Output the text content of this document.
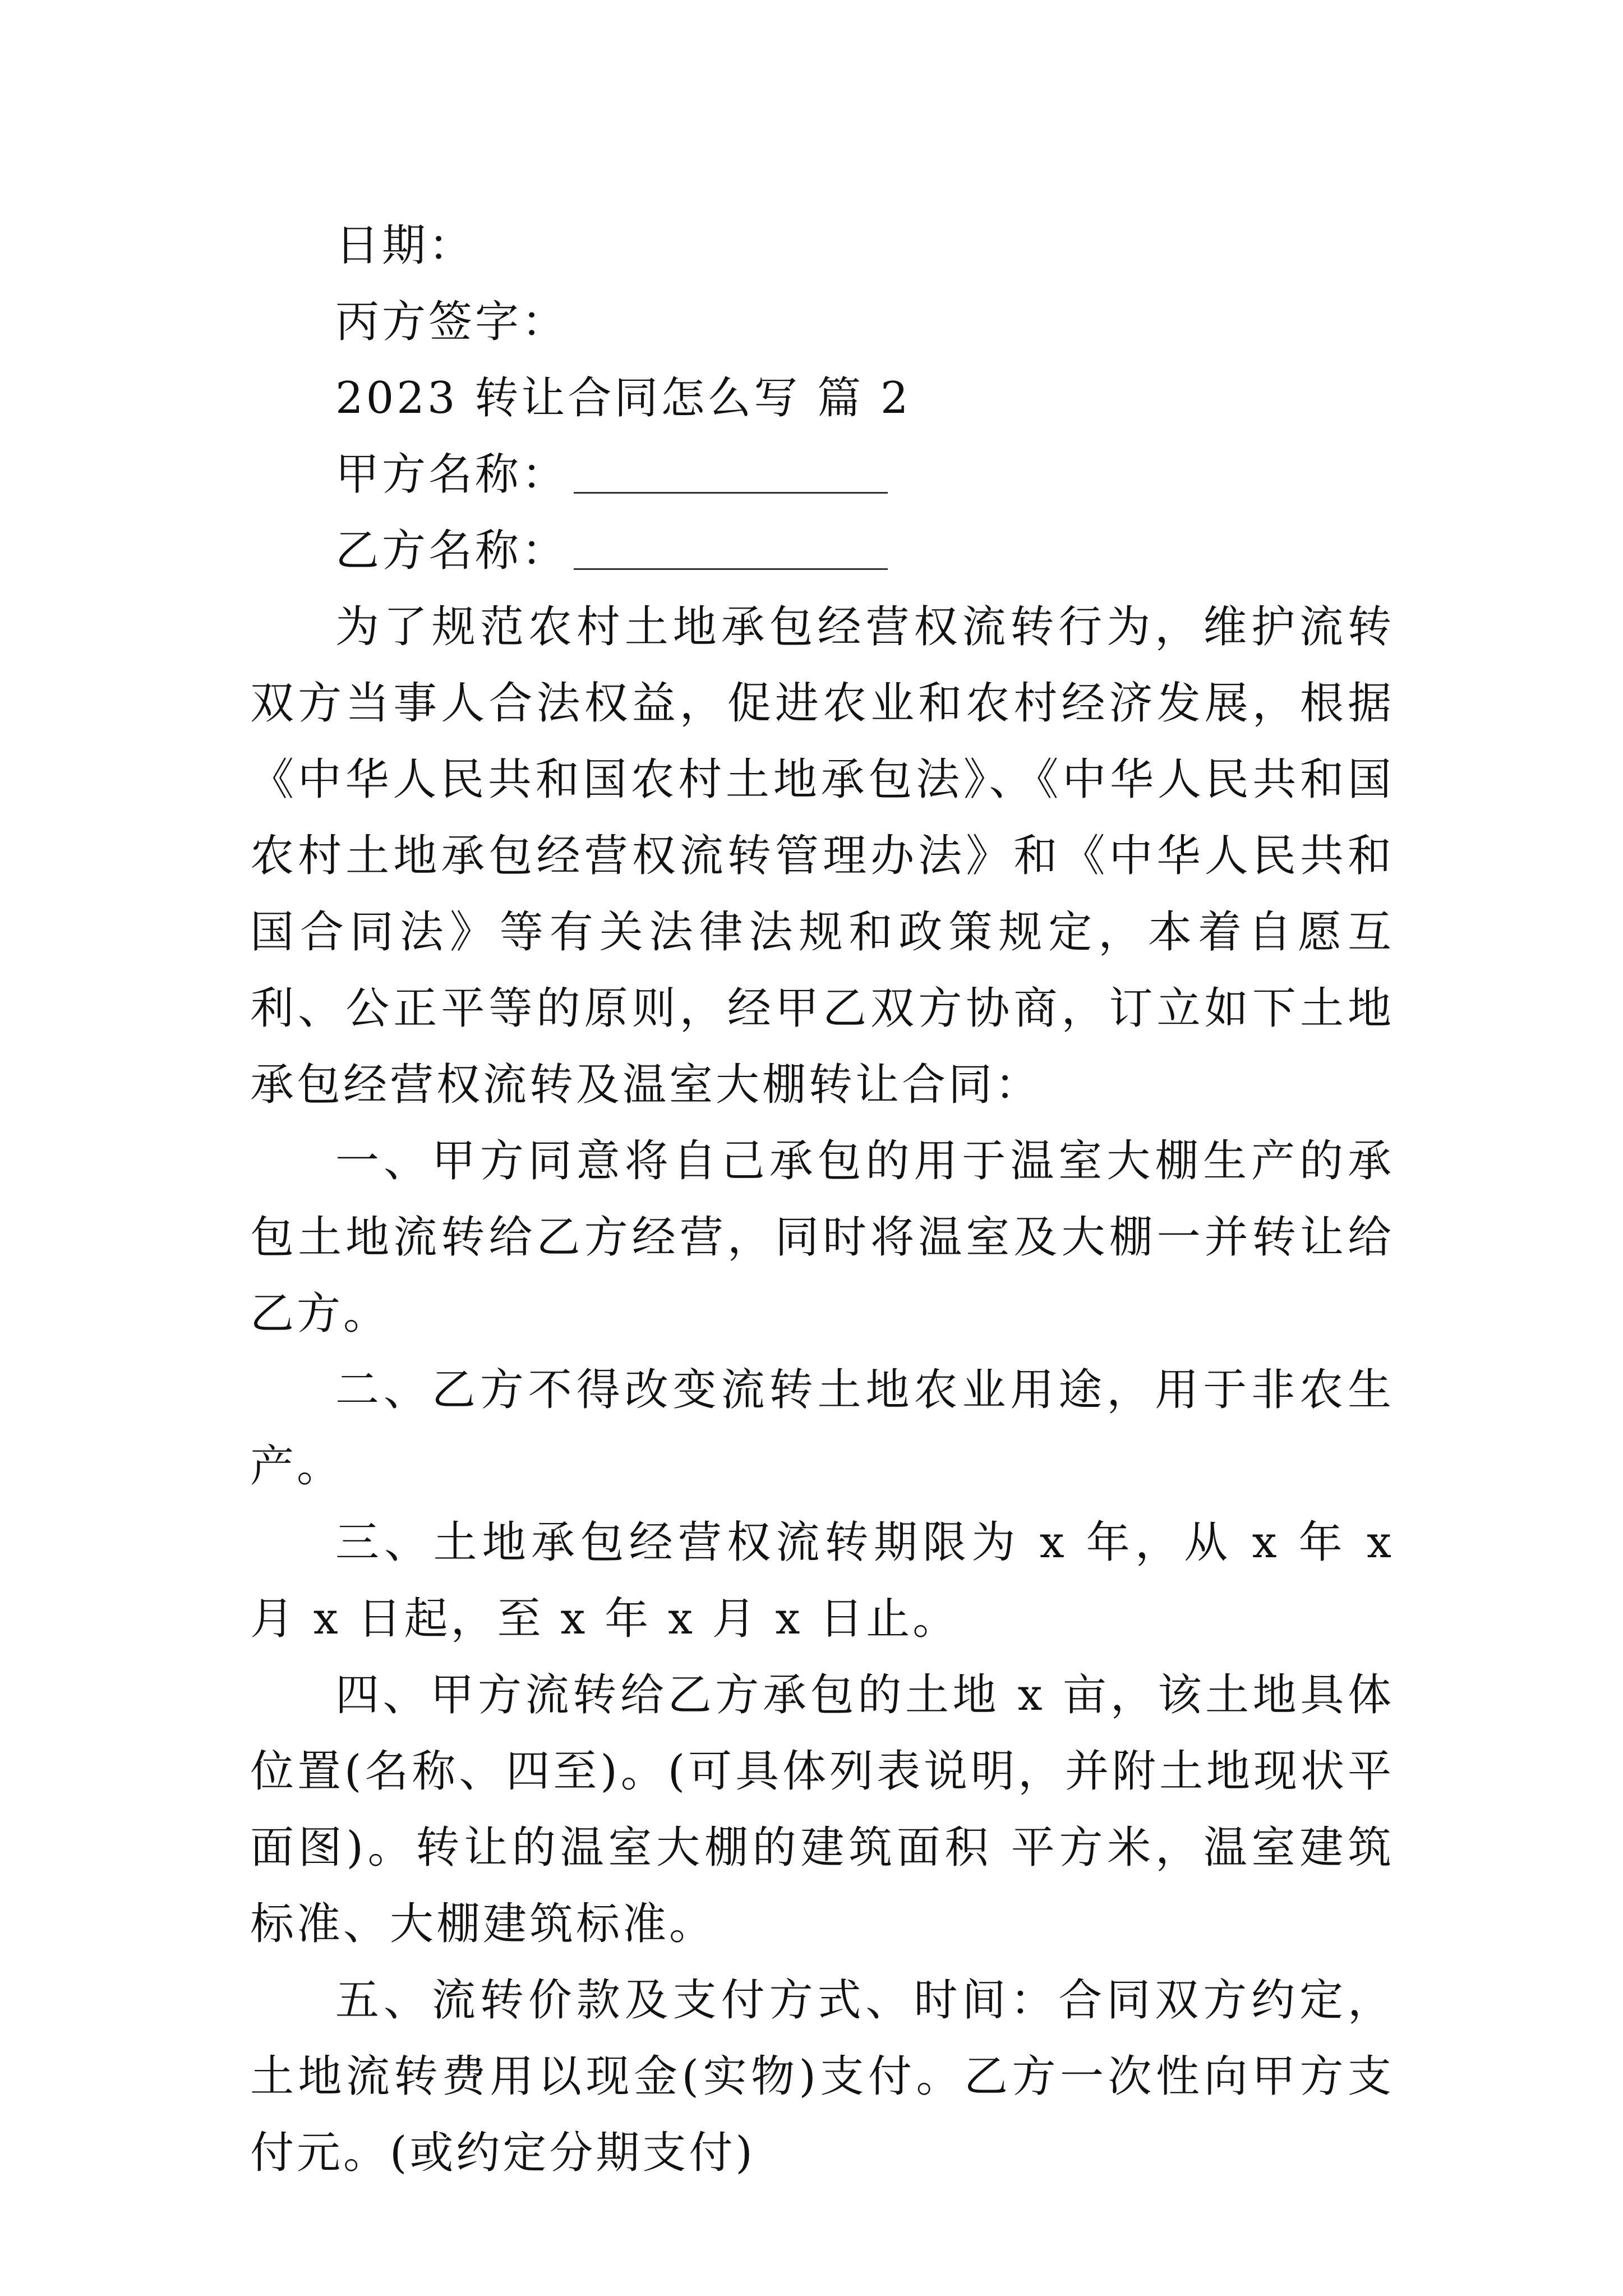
日期：
丙方签字：
2023 转让合同怎么写 篇 2
甲方名称：
乙方名称：

为了规范农村土地承包经营权流转行为，维护流转双方当事人合法权益，促进农业和农村经济发展，根据《中华人民共和国农村土地承包法》、《中华人民共和国农村土地承包经营权流转管理办法》和《中华人民共和国合同法》等有关法律法规和政策规定，本着自愿互利、公正平等的原则，经甲乙双方协商，订立如下土地承包经营权流转及温室大棚转让合同：

一、甲方同意将自己承包的用于温室大棚生产的承包土地流转给乙方经营，同时将温室及大棚一并转让给乙方。

二、乙方不得改变流转土地农业用途，用于非农生产。

三、土地承包经营权流转期限为 x 年，从 x 年 x 月 x 日起，至 x 年 x 月 x 日止。

四、甲方流转给乙方承包的土地 x 亩，该土地具体位置(名称、四至)。(可具体列表说明，并附土地现状平面图)。转让的温室大棚的建筑面积 平方米，温室建筑标准、大棚建筑标准。

五、流转价款及支付方式、时间：合同双方约定，土地流转费用以现金(实物)支付。乙方一次性向甲方支付元。(或约定分期支付)
